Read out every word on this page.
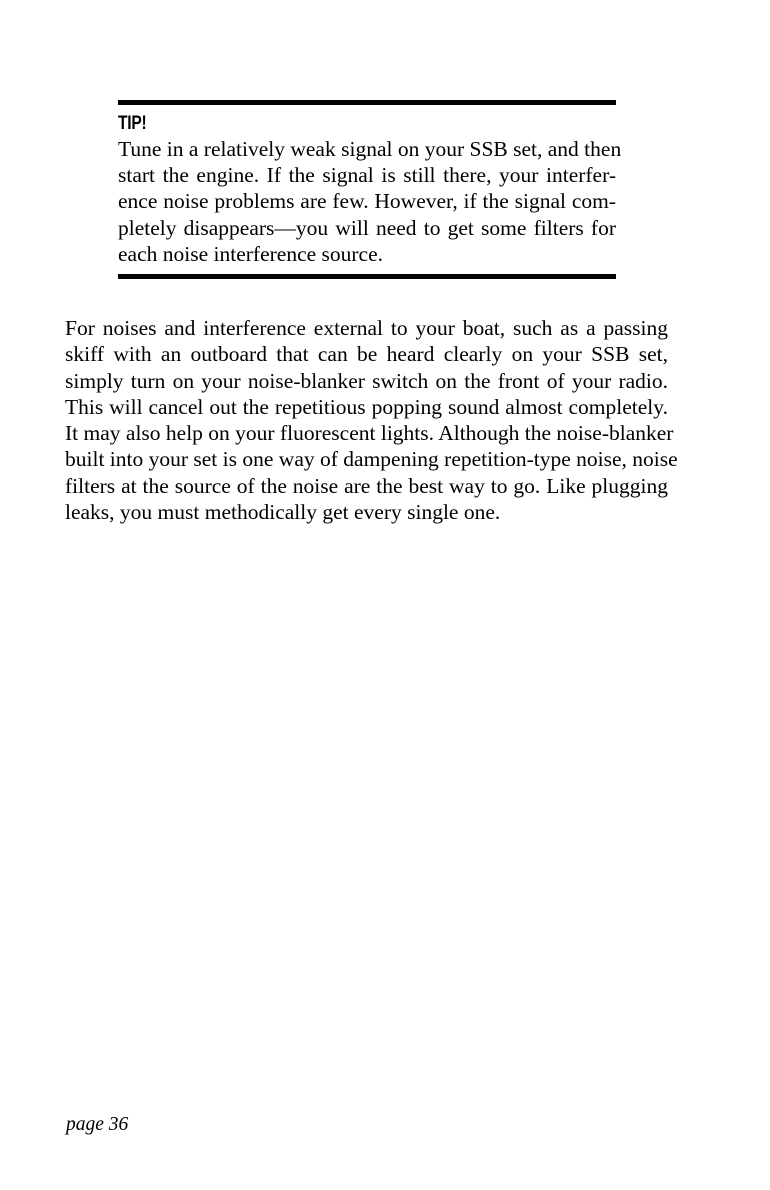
TIP!
Tune in a relatively weak signal on your SSB set, and then
start the engine. If the signal is still there, your interfer-
ence noise problems are few. However, if the signal com-
pletely disappears—you will need to get some filters for
each noise interference source.
For noises and interference external to your boat, such as a passing
skiff with an outboard that can be heard clearly on your SSB set,
simply turn on your noise-blanker switch on the front of your radio.
This will cancel out the repetitious popping sound almost completely.
It may also help on your fluorescent lights. Although the noise-blanker
built into your set is one way of dampening repetition-type noise, noise
filters at the source of the noise are the best way to go. Like plugging
leaks, you must methodically get every single one.
page 36
